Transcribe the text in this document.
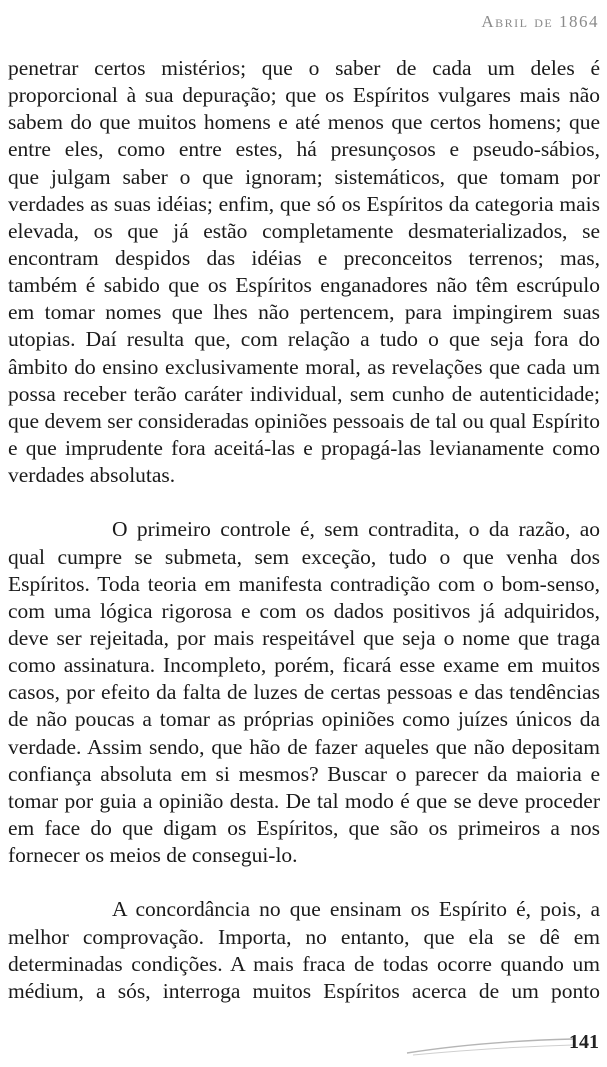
Abril de 1864
penetrar certos mistérios; que o saber de cada um deles é
proporcional à sua depuração; que os Espíritos vulgares mais não
sabem do que muitos homens e até menos que certos homens; que
entre eles, como entre estes, há presunçosos e pseudo-sábios,
que julgam saber o que ignoram; sistemáticos, que tomam por
verdades as suas idéias; enfim, que só os Espíritos da categoria mais
elevada, os que já estão completamente desmaterializados, se
encontram despidos das idéias e preconceitos terrenos; mas,
também é sabido que os Espíritos enganadores não têm escrúpulo
em tomar nomes que lhes não pertencem, para impingirem suas
utopias. Daí resulta que, com relação a tudo o que seja fora do
âmbito do ensino exclusivamente moral, as revelações que cada um
possa receber terão caráter individual, sem cunho de autenticidade;
que devem ser consideradas opiniões pessoais de tal ou qual Espírito
e que imprudente fora aceitá-las e propagá-las levianamente como
verdades absolutas.
O primeiro controle é, sem contradita, o da razão, ao
qual cumpre se submeta, sem exceção, tudo o que venha dos
Espíritos. Toda teoria em manifesta contradição com o bom-senso,
com uma lógica rigorosa e com os dados positivos já adquiridos,
deve ser rejeitada, por mais respeitável que seja o nome que traga
como assinatura. Incompleto, porém, ficará esse exame em muitos
casos, por efeito da falta de luzes de certas pessoas e das tendências
de não poucas a tomar as próprias opiniões como juízes únicos da
verdade. Assim sendo, que hão de fazer aqueles que não depositam
confiança absoluta em si mesmos? Buscar o parecer da maioria e
tomar por guia a opinião desta. De tal modo é que se deve proceder
em face do que digam os Espíritos, que são os primeiros a nos
fornecer os meios de consegui-lo.
A concordância no que ensinam os Espírito é, pois, a
melhor comprovação. Importa, no entanto, que ela se dê em
determinadas condições. A mais fraca de todas ocorre quando um
médium, a sós, interroga muitos Espíritos acerca de um ponto
141
